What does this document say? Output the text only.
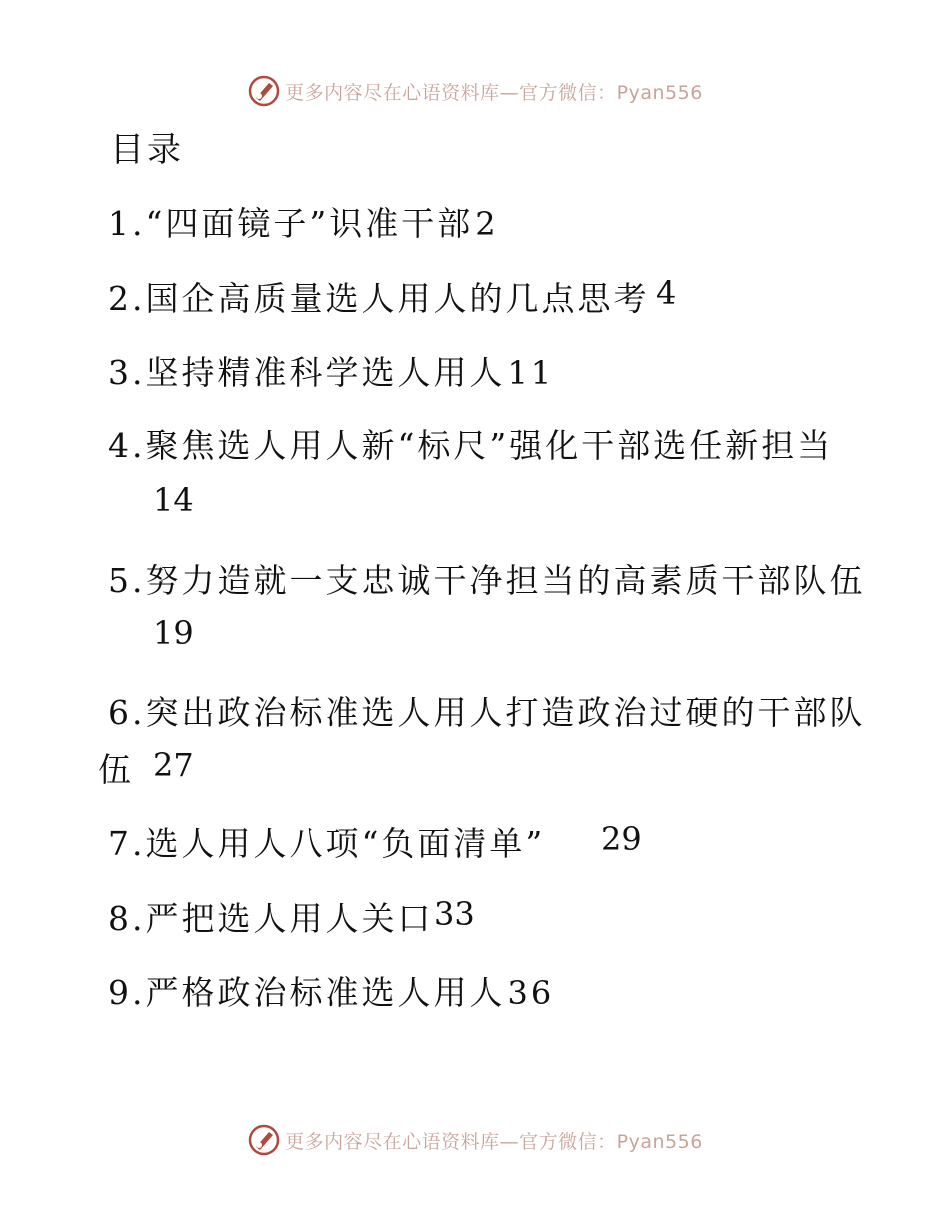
更多内容尽在心语资料库—官方微信：Pyan556
目录
1.“四面镜子”识准干部2
2.国企高质量选人用人的几点思考 4
3.坚持精准科学选人用人11
4.聚焦选人用人新“标尺”强化干部选任新担当
14
5.努力造就一支忠诚干净担当的高素质干部队伍
19
6.突出政治标准选人用人打造政治过硬的干部队
伍 27
7.选人用人八项“负面清单” 29
8.严把选人用人关口 33
9.严格政治标准选人用人36
更多内容尽在心语资料库—官方微信：Pyan556
